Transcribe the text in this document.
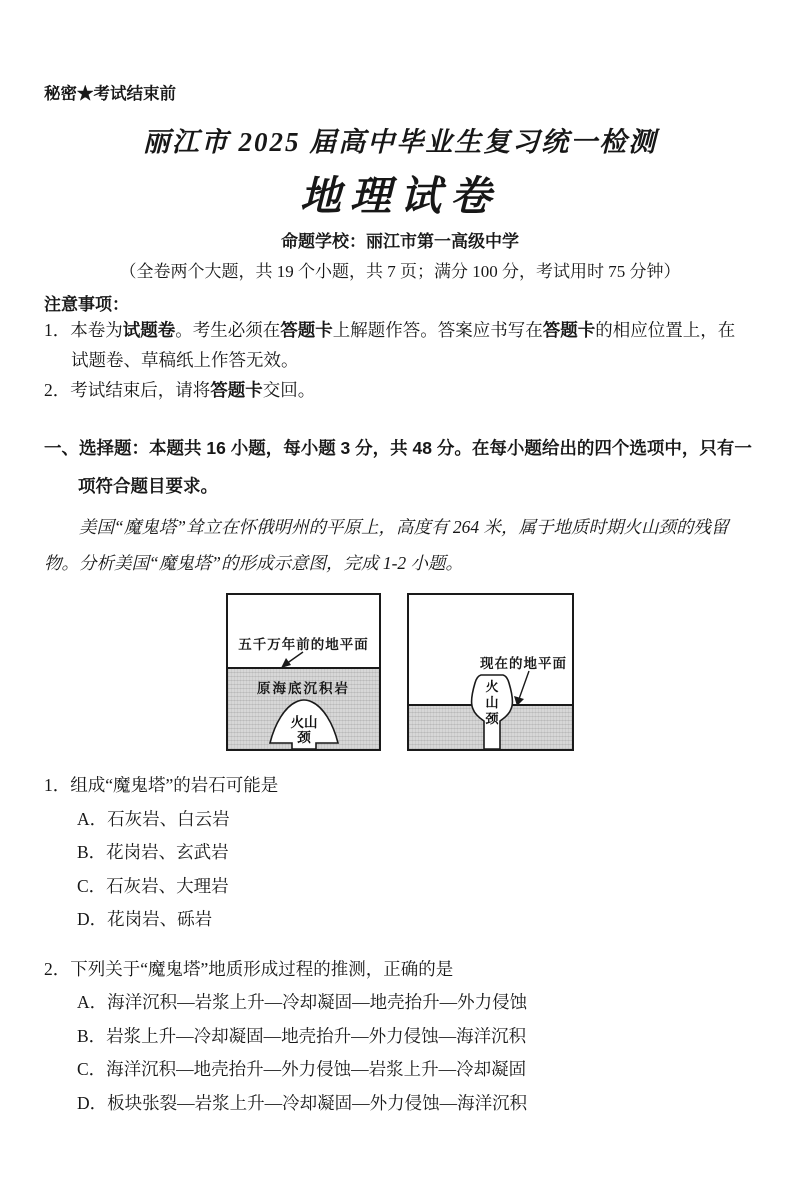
秘密★考试结束前
丽江市 2025 届高中毕业生复习统一检测
地理试卷
命题学校：丽江市第一高级中学
（全卷两个大题，共 19 个小题，共 7 页；满分 100 分，考试用时 75 分钟）
注意事项：
1．本卷为试题卷。考生必须在答题卡上解题作答。答案应书写在答题卡的相应位置上，在
试题卷、草稿纸上作答无效。
2．考试结束后，请将答题卡交回。
一、选择题：本题共 16 小题，每小题 3 分，共 48 分。在每小题给出的四个选项中，只有一
项符合题目要求。
美国“魔鬼塔”耸立在怀俄明州的平原上，高度有 264 米，属于地质时期火山颈的残留
物。分析美国“魔鬼塔”的形成示意图，完成 1-2 小题。
五千万年前的地平面
原海底沉积岩
火山
颈
现在的地平面
火
山
颈
1．组成“魔鬼塔”的岩石可能是
A．石灰岩、白云岩
B．花岗岩、玄武岩
C．石灰岩、大理岩
D．花岗岩、砾岩
2．下列关于“魔鬼塔”地质形成过程的推测，正确的是
A．海洋沉积—岩浆上升—冷却凝固—地壳抬升—外力侵蚀
B．岩浆上升—冷却凝固—地壳抬升—外力侵蚀—海洋沉积
C．海洋沉积—地壳抬升—外力侵蚀—岩浆上升—冷却凝固
D．板块张裂—岩浆上升—冷却凝固—外力侵蚀—海洋沉积
